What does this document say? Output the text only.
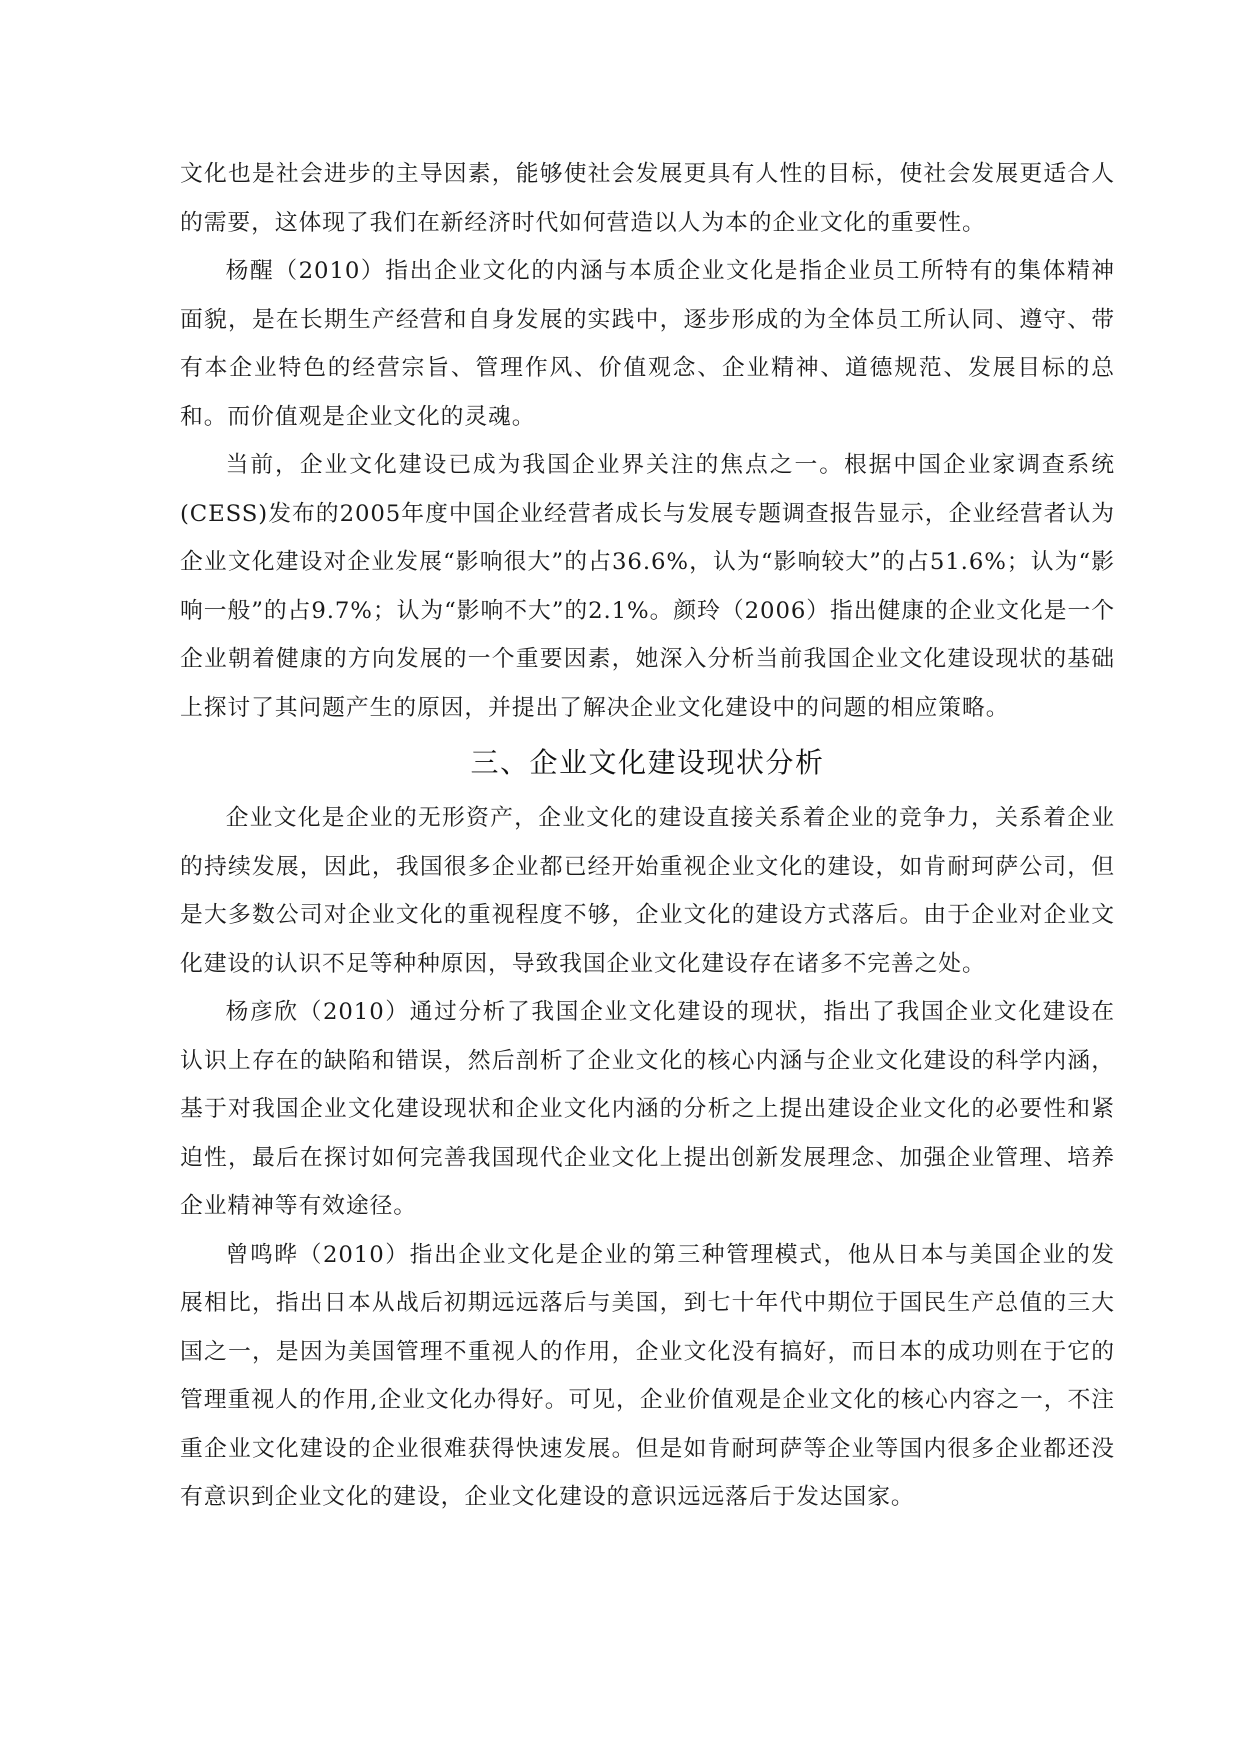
文化也是社会进步的主导因素，能够使社会发展更具有人性的目标，使社会发展更适合人的需要，这体现了我们在新经济时代如何营造以人为本的企业文化的重要性。

杨醒（2010）指出企业文化的内涵与本质企业文化是指企业员工所特有的集体精神面貌，是在长期生产经营和自身发展的实践中，逐步形成的为全体员工所认同、遵守、带有本企业特色的经营宗旨、管理作风、价值观念、企业精神、道德规范、发展目标的总和。而价值观是企业文化的灵魂。

当前，企业文化建设已成为我国企业界关注的焦点之一。根据中国企业家调查系统(CESS)发布的2005年度中国企业经营者成长与发展专题调查报告显示，企业经营者认为企业文化建设对企业发展“影响很大”的占36.6%，认为“影响较大”的占51.6%；认为“影响一般”的占9.7%；认为“影响不大”的2.1%。颜玲（2006）指出健康的企业文化是一个企业朝着健康的方向发展的一个重要因素，她深入分析当前我国企业文化建设现状的基础上探讨了其问题产生的原因，并提出了解决企业文化建设中的问题的相应策略。

三、企业文化建设现状分析

企业文化是企业的无形资产，企业文化的建设直接关系着企业的竞争力，关系着企业的持续发展，因此，我国很多企业都已经开始重视企业文化的建设，如肯耐珂萨公司，但是大多数公司对企业文化的重视程度不够，企业文化的建设方式落后。由于企业对企业文化建设的认识不足等种种原因，导致我国企业文化建设存在诸多不完善之处。

杨彦欣（2010）通过分析了我国企业文化建设的现状，指出了我国企业文化建设在认识上存在的缺陷和错误，然后剖析了企业文化的核心内涵与企业文化建设的科学内涵，基于对我国企业文化建设现状和企业文化内涵的分析之上提出建设企业文化的必要性和紧迫性，最后在探讨如何完善我国现代企业文化上提出创新发展理念、加强企业管理、培养企业精神等有效途径。

曾鸣晔（2010）指出企业文化是企业的第三种管理模式，他从日本与美国企业的发展相比，指出日本从战后初期远远落后与美国，到七十年代中期位于国民生产总值的三大国之一，是因为美国管理不重视人的作用，企业文化没有搞好，而日本的成功则在于它的管理重视人的作用,企业文化办得好。可见，企业价值观是企业文化的核心内容之一，不注重企业文化建设的企业很难获得快速发展。但是如肯耐珂萨等企业等国内很多企业都还没有意识到企业文化的建设，企业文化建设的意识远远落后于发达国家。
